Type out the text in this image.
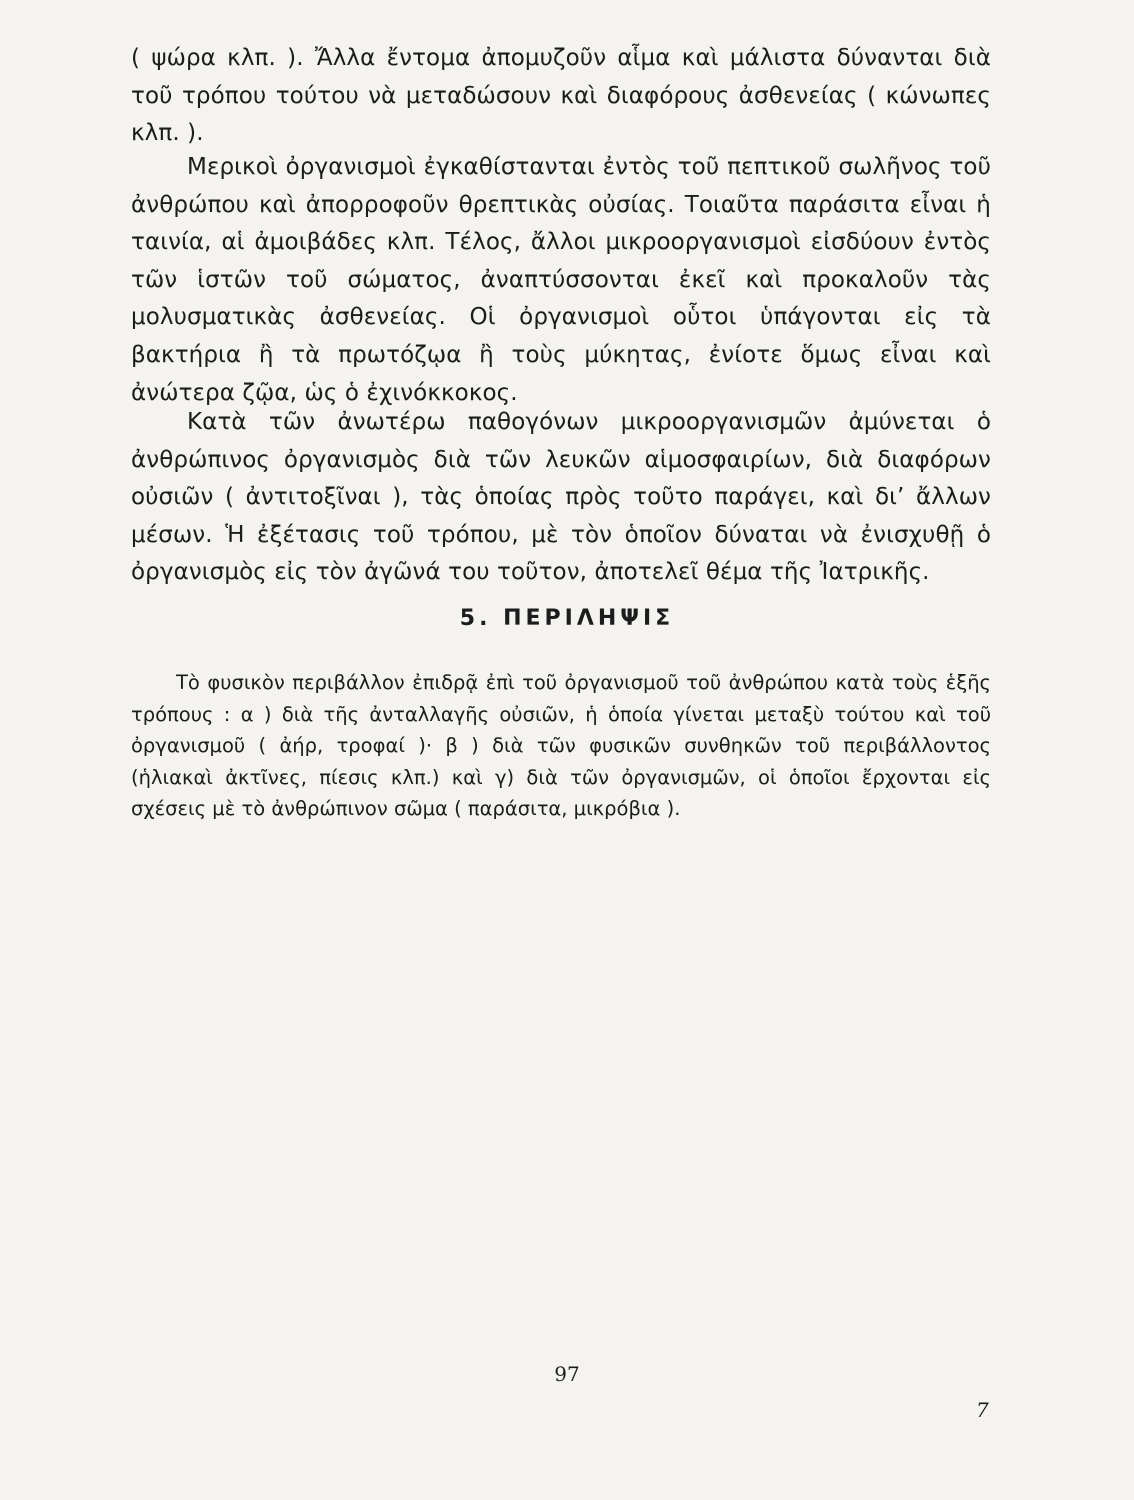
( ψώρα κλπ. ). Ἄλλα ἔντομα ἀπομυζοῦν αἷμα καὶ μάλιστα δύνανται διὰ τοῦ τρόπου τούτου νὰ μεταδώσουν καὶ διαφόρους ἀσθενείας ( κώνωπες κλπ. ).

Μερικοὶ ὀργανισμοὶ ἐγκαθίστανται ἐντὸς τοῦ πεπτικοῦ σωλῆνος τοῦ ἀνθρώπου καὶ ἀπορροφοῦν θρεπτικὰς οὐσίας. Τοιαῦτα παράσιτα εἶναι ἡ ταινία, αἱ ἀμοιβάδες κλπ. Τέλος, ἄλλοι μικροοργανισμοὶ εἰσδύουν ἐντὸς τῶν ἱστῶν τοῦ σώματος, ἀναπτύσσονται ἐκεῖ καὶ προκαλοῦν τὰς μολυσματικὰς ἀσθενείας. Οἱ ὀργανισμοὶ οὗτοι ὑπάγονται εἰς τὰ βακτήρια ἢ τὰ πρωτόζῳα ἢ τοὺς μύκητας, ἐνίοτε ὅμως εἶναι καὶ ἀνώτερα ζῷα, ὡς ὁ ἐχινόκκοκος.

Κατὰ τῶν ἀνωτέρω παθογόνων μικροοργανισμῶν ἀμύνεται ὁ ἀνθρώπινος ὀργανισμὸς διὰ τῶν λευκῶν αἱμοσφαιρίων, διὰ διαφόρων οὐσιῶν ( ἀντιτοξῖναι ), τὰς ὁποίας πρὸς τοῦτο παράγει, καὶ δι’ ἄλλων μέσων. Ἡ ἐξέτασις τοῦ τρόπου, μὲ τὸν ὁποῖον δύναται νὰ ἐνισχυθῇ ὁ ὀργανισμὸς εἰς τὸν ἀγῶνά του τοῦτον, ἀποτελεῖ θέμα τῆς Ἰατρικῆς.

5. ΠΕΡΙΛΗΨΙΣ

Τὸ φυσικὸν περιβάλλον ἐπιδρᾷ ἐπὶ τοῦ ὀργανισμοῦ τοῦ ἀνθρώπου κατὰ τοὺς ἑξῆς τρόπους : α ) διὰ τῆς ἀνταλλαγῆς οὐσιῶν, ἡ ὁποία γίνεται μεταξὺ τούτου καὶ τοῦ ὀργανισμοῦ ( ἀήρ, τροφαί )· β ) διὰ τῶν φυσικῶν συνθηκῶν τοῦ περιβάλλοντος (ἡλιακαὶ ἀκτῖνες, πίεσις κλπ.) καὶ γ) διὰ τῶν ὀργανισμῶν, οἱ ὁποῖοι ἔρχονται εἰς σχέσεις μὲ τὸ ἀνθρώπινον σῶμα ( παράσιτα, μικρόβια ).

97
7
